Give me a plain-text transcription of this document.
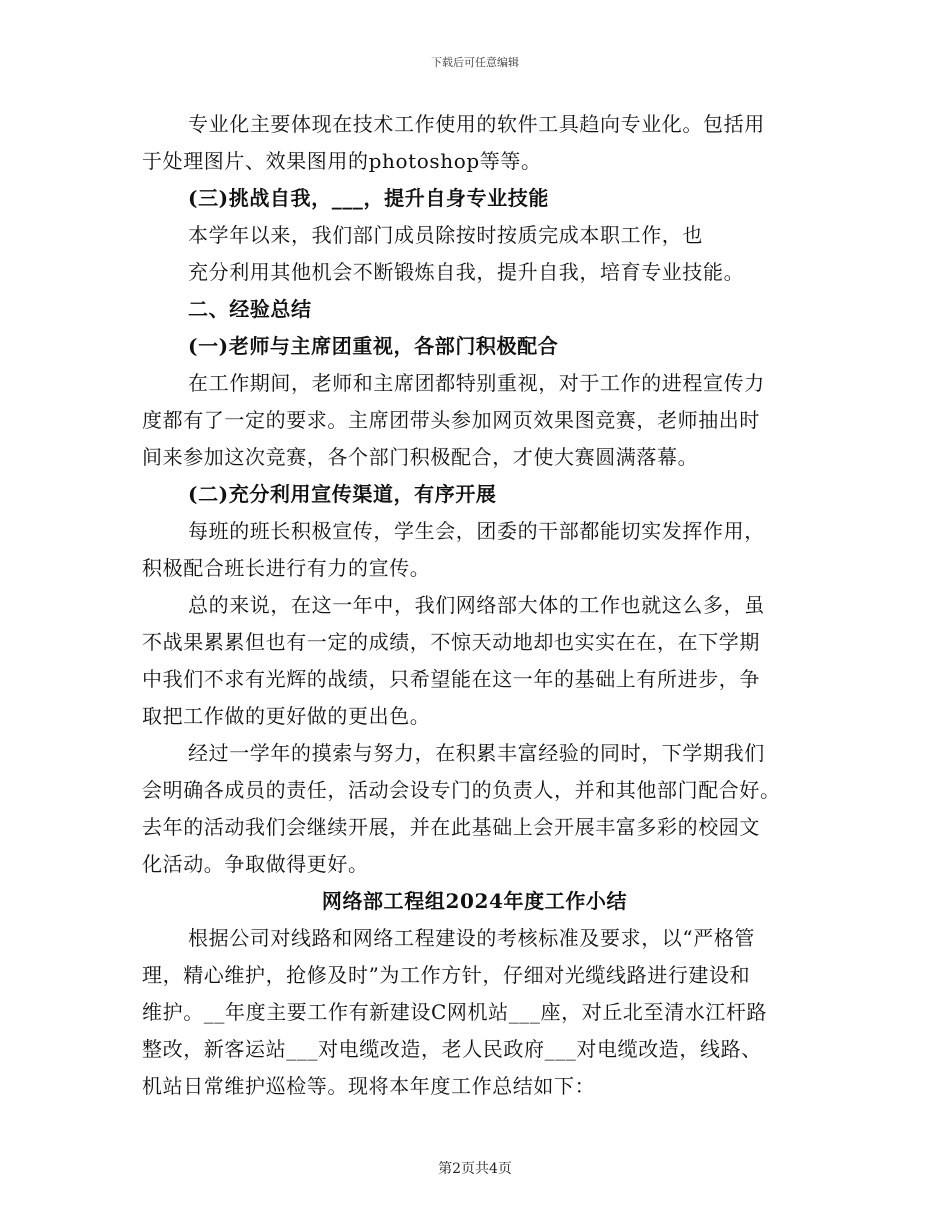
下载后可任意编辑
专业化主要体现在技术工作使用的软件工具趋向专业化。包括用
于处理图片、效果图用的photoshop等等。
(三)挑战自我，___，提升自身专业技能
本学年以来，我们部门成员除按时按质完成本职工作，也
充分利用其他机会不断锻炼自我，提升自我，培育专业技能。
二、经验总结
(一)老师与主席团重视，各部门积极配合
在工作期间，老师和主席团都特别重视，对于工作的进程宣传力
度都有了一定的要求。主席团带头参加网页效果图竞赛，老师抽出时
间来参加这次竞赛，各个部门积极配合，才使大赛圆满落幕。
(二)充分利用宣传渠道，有序开展
每班的班长积极宣传，学生会，团委的干部都能切实发挥作用，
积极配合班长进行有力的宣传。
总的来说，在这一年中，我们网络部大体的工作也就这么多，虽
不战果累累但也有一定的成绩，不惊天动地却也实实在在，在下学期
中我们不求有光辉的战绩，只希望能在这一年的基础上有所进步，争
取把工作做的更好做的更出色。
经过一学年的摸索与努力，在积累丰富经验的同时，下学期我们
会明确各成员的责任，活动会设专门的负责人，并和其他部门配合好。
去年的活动我们会继续开展，并在此基础上会开展丰富多彩的校园文
化活动。争取做得更好。
网络部工程组2024年度工作小结
根据公司对线路和网络工程建设的考核标准及要求，以“严格管
理，精心维护，抢修及时”为工作方针，仔细对光缆线路进行建设和
维护。__年度主要工作有新建设C网机站___座，对丘北至清水江杆路
整改，新客运站___对电缆改造，老人民政府___对电缆改造，线路、
机站日常维护巡检等。现将本年度工作总结如下：
第2页共4页
